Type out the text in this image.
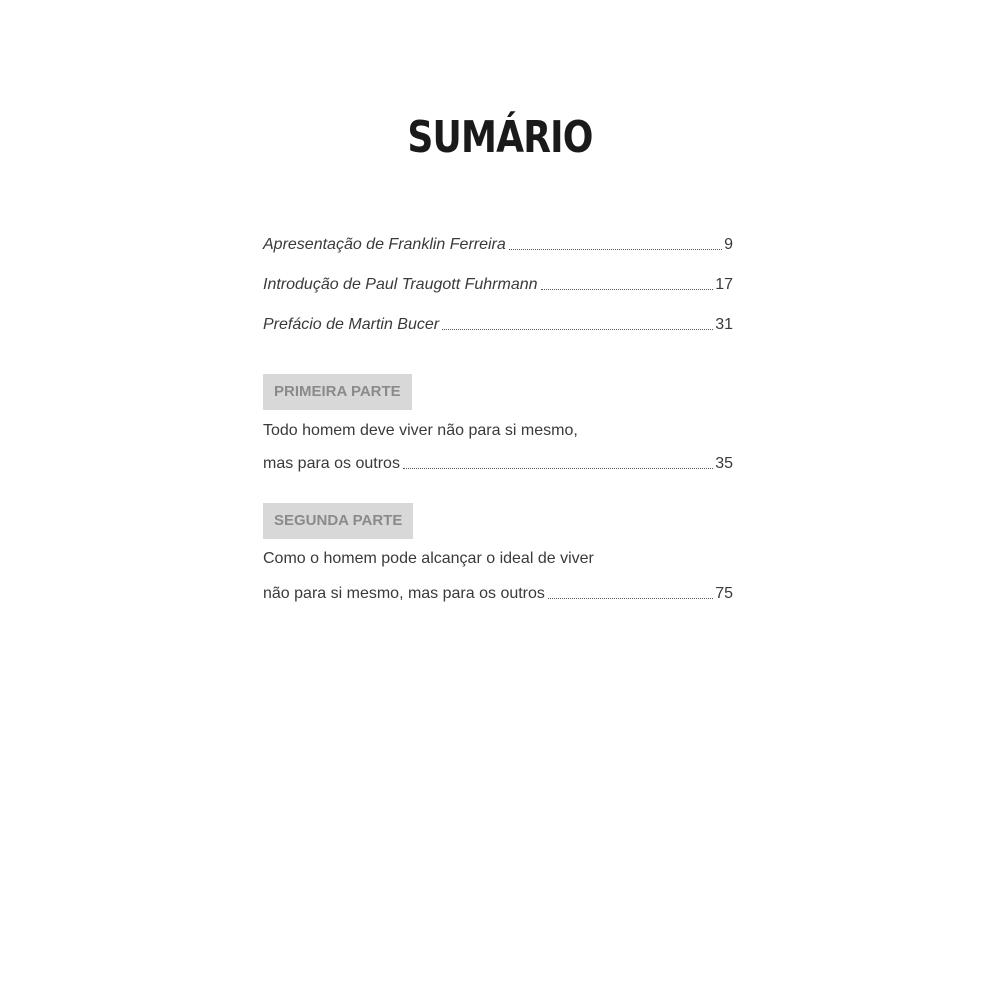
SUMÁRIO
Apresentação de Franklin Ferreira	9
Introdução de Paul Traugott Fuhrmann	17
Prefácio de Martin Bucer	31
PRIMEIRA PARTE
Todo homem deve viver não para si mesmo,
mas para os outros	35
SEGUNDA PARTE
Como o homem pode alcançar o ideal de viver
não para si mesmo, mas para os outros	75
